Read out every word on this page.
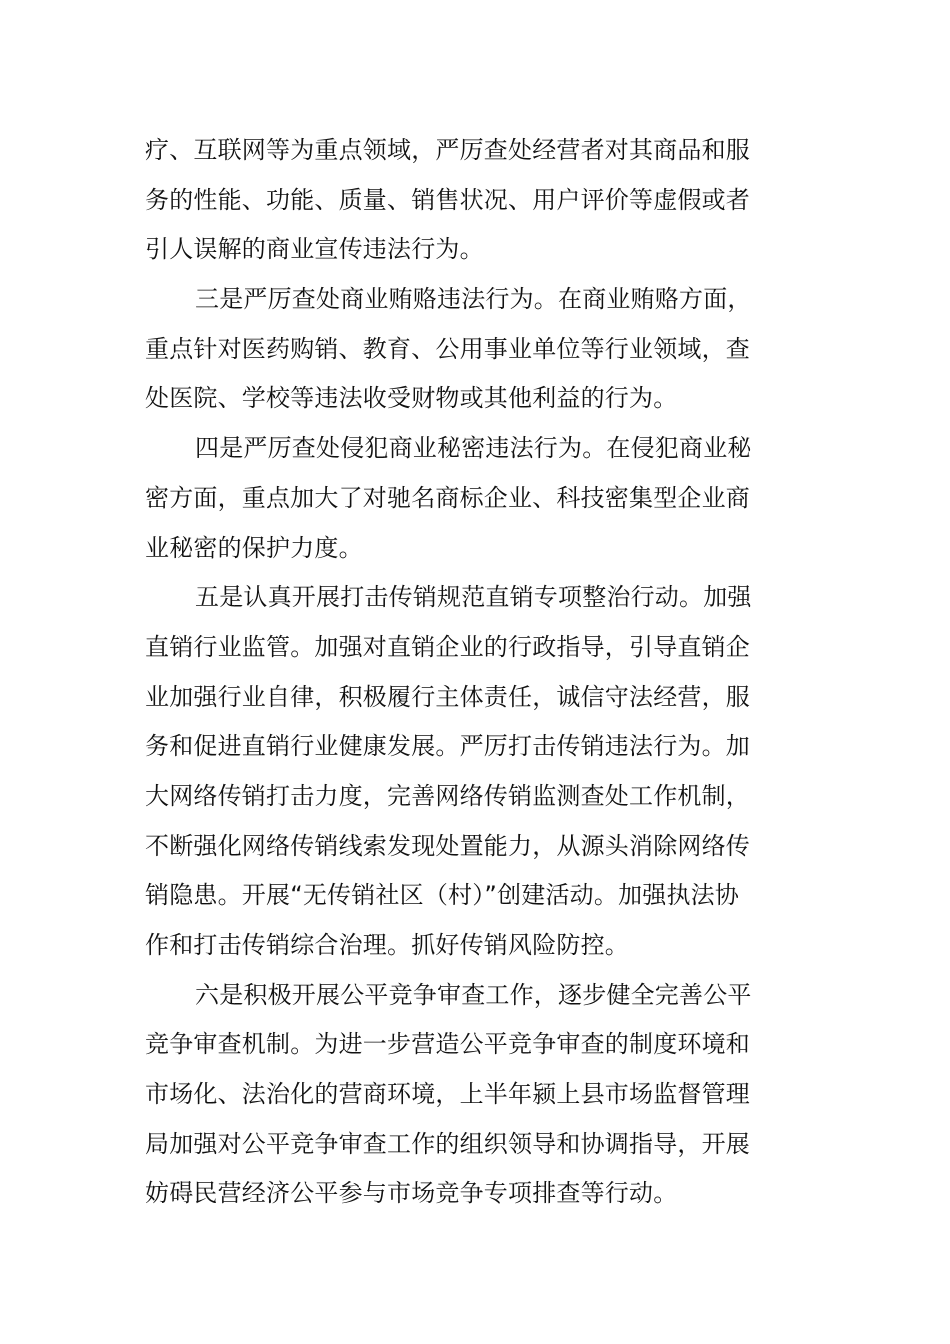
疗、互联网等为重点领域，严厉查处经营者对其商品和服
务的性能、功能、质量、销售状况、用户评价等虚假或者
引人误解的商业宣传违法行为。
三是严厉查处商业贿赂违法行为。在商业贿赂方面，
重点针对医药购销、教育、公用事业单位等行业领域，查
处医院、学校等违法收受财物或其他利益的行为。
四是严厉查处侵犯商业秘密违法行为。在侵犯商业秘
密方面，重点加大了对驰名商标企业、科技密集型企业商
业秘密的保护力度。
五是认真开展打击传销规范直销专项整治行动。加强
直销行业监管。加强对直销企业的行政指导，引导直销企
业加强行业自律，积极履行主体责任，诚信守法经营，服
务和促进直销行业健康发展。严厉打击传销违法行为。加
大网络传销打击力度，完善网络传销监测查处工作机制，
不断强化网络传销线索发现处置能力，从源头消除网络传
销隐患。开展“无传销社区（村）”创建活动。加强执法协
作和打击传销综合治理。抓好传销风险防控。
六是积极开展公平竞争审查工作，逐步健全完善公平
竞争审查机制。为进一步营造公平竞争审查的制度环境和
市场化、法治化的营商环境，上半年颍上县市场监督管理
局加强对公平竞争审查工作的组织领导和协调指导，开展
妨碍民营经济公平参与市场竞争专项排查等行动。
